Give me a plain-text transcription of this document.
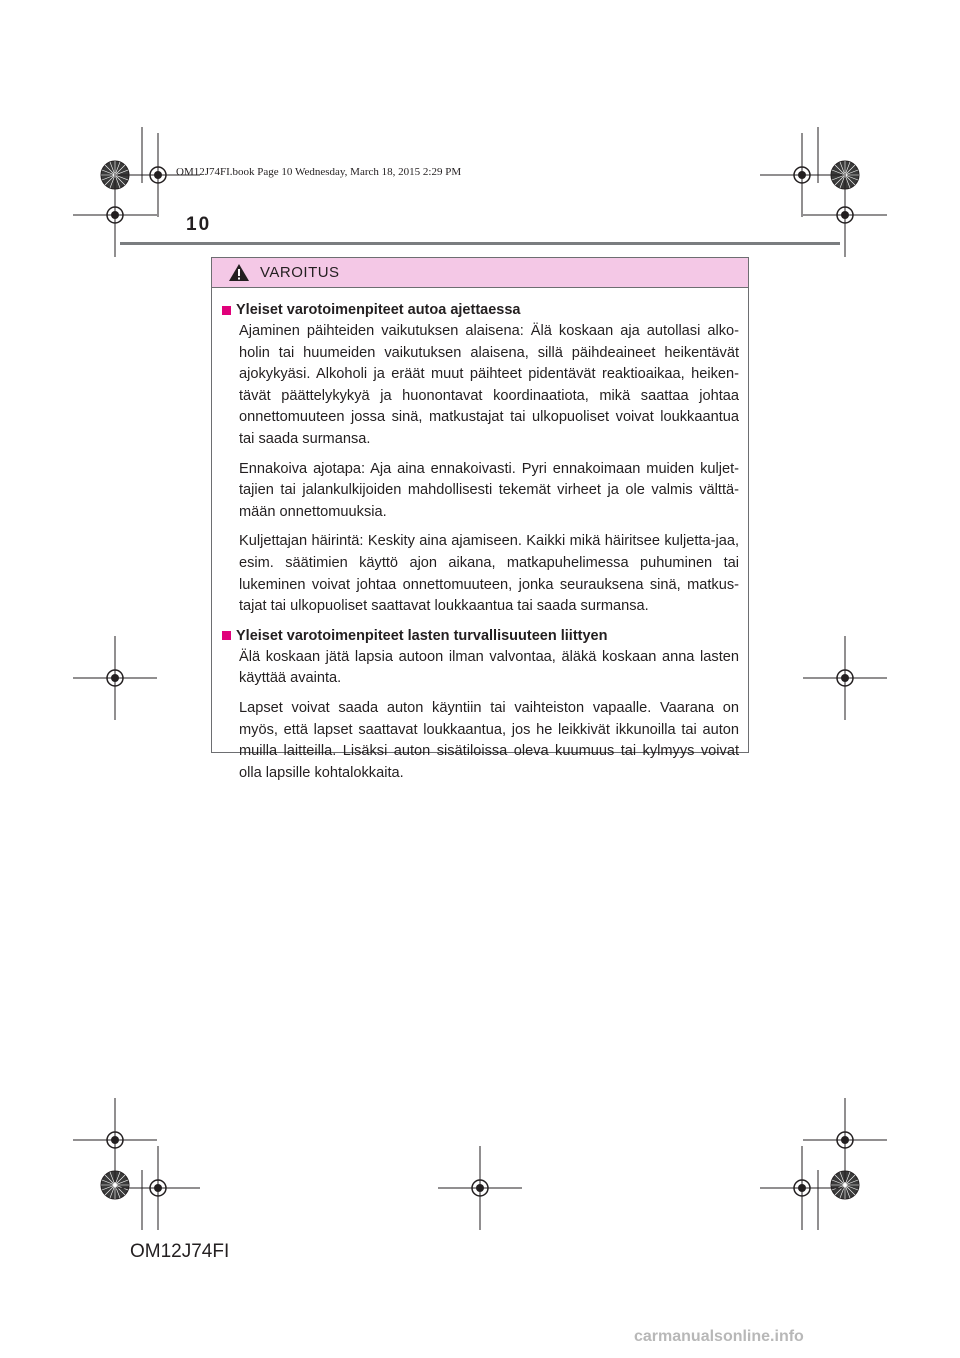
OM12J74FI.book Page 10 Wednesday, March 18, 2015 2:29 PM
10
VAROITUS
Yleiset varotoimenpiteet autoa ajettaessa

Ajaminen päihteiden vaikutuksen alaisena: Älä koskaan aja autollasi alko-holin tai huumeiden vaikutuksen alaisena, sillä päihdeaineet heikentävät ajokykyäsi. Alkoholi ja eräät muut päihteet pidentävät reaktioaikaa, heiken-tävät päättelykykyä ja huonontavat koordinaatiota, mikä saattaa johtaa onnettomuuteen jossa sinä, matkustajat tai ulkopuoliset voivat loukkaantua tai saada surmansa.

Ennakoiva ajotapa: Aja aina ennakoivasti. Pyri ennakoimaan muiden kuljet-tajien tai jalankulkijoiden mahdollisesti tekemät virheet ja ole valmis välttä-mään onnettomuuksia.

Kuljettajan häirintä: Keskity aina ajamiseen. Kaikki mikä häiritsee kuljetta-jaa, esim. säätimien käyttö ajon aikana, matkapuhelimessa puhuminen tai lukeminen voivat johtaa onnettomuuteen, jonka seurauksena sinä, matkus-tajat tai ulkopuoliset saattavat loukkaantua tai saada surmansa.

Yleiset varotoimenpiteet lasten turvallisuuteen liittyen

Älä koskaan jätä lapsia autoon ilman valvontaa, äläkä koskaan anna lasten käyttää avainta.

Lapset voivat saada auton käyntiin tai vaihteiston vapaalle. Vaarana on myös, että lapset saattavat loukkaantua, jos he leikkivät ikkunoilla tai auton muilla laitteilla. Lisäksi auton sisätiloissa oleva kuumuus tai kylmyys voivat olla lapsille kohtalokkaita.

OM12J74FI
carmanualsonline.info
